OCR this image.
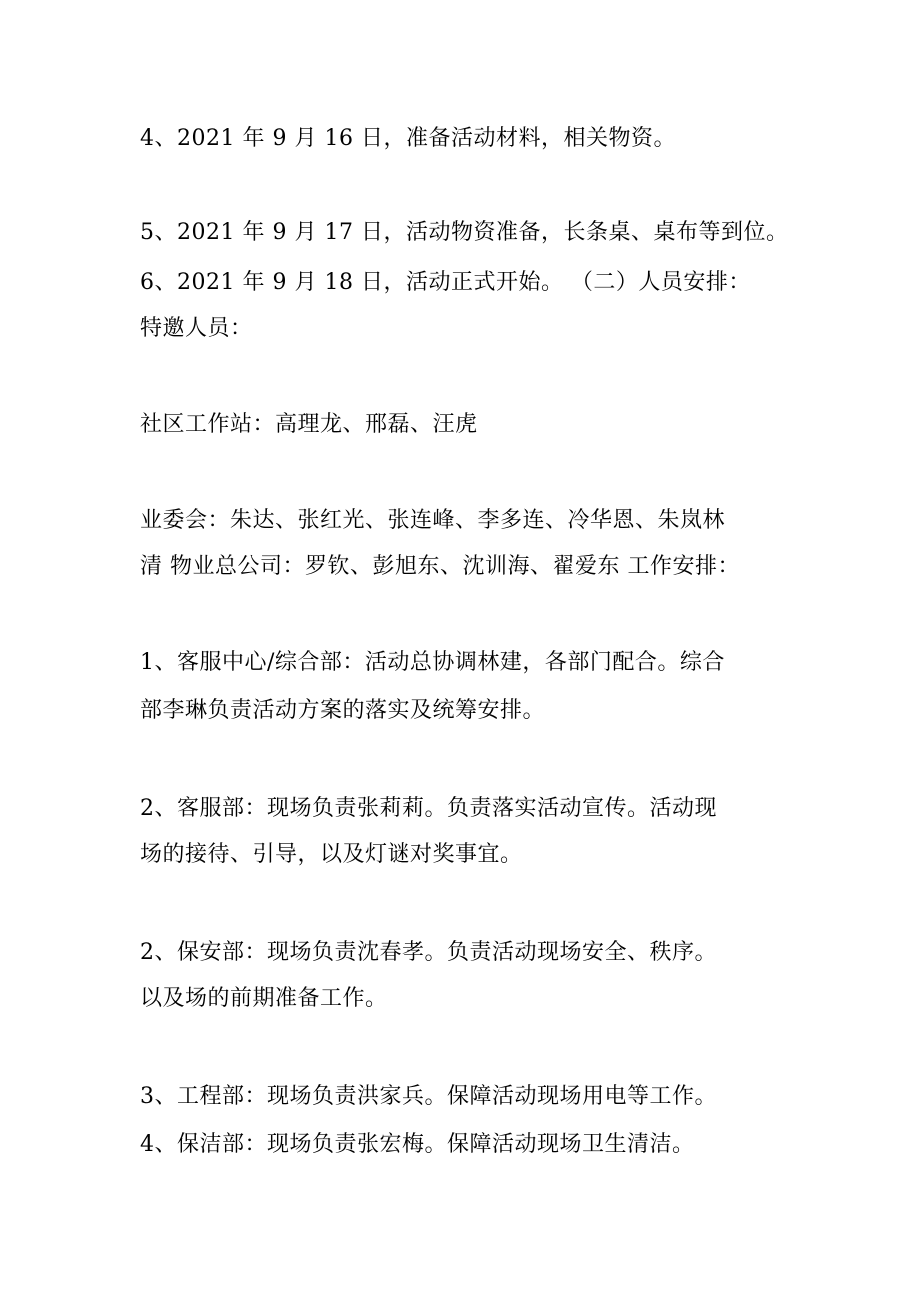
4、2021 年 9 月 16 日，准备活动材料，相关物资。
5、2021 年 9 月 17 日，活动物资准备，长条桌、桌布等到位。
6、2021 年 9 月 18 日，活动正式开始。 （二）人员安排：
特邀人员：
社区工作站：高理龙、邢磊、汪虎
业委会：朱达、张红光、张连峰、李多连、冷华恩、朱岚林
清 物业总公司：罗钦、彭旭东、沈训海、翟爱东 工作安排：
1、客服中心/综合部：活动总协调林建，各部门配合。综合
部李琳负责活动方案的落实及统筹安排。
2、客服部：现场负责张莉莉。负责落实活动宣传。活动现
场的接待、引导，以及灯谜对奖事宜。
2、保安部：现场负责沈春孝。负责活动现场安全、秩序。
以及场的前期准备工作。
3、工程部：现场负责洪家兵。保障活动现场用电等工作。
4、保洁部：现场负责张宏梅。保障活动现场卫生清洁。
